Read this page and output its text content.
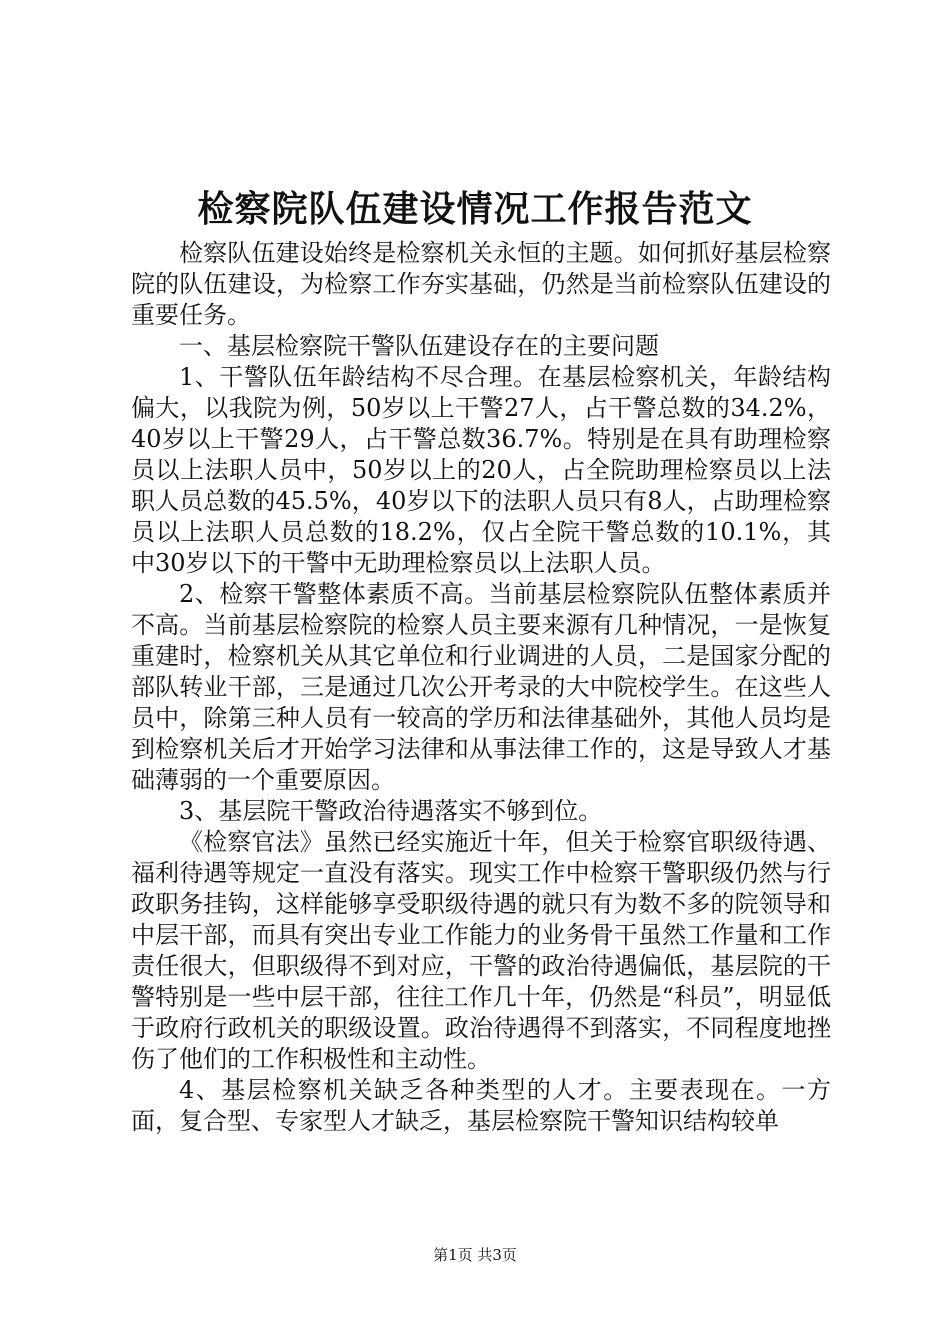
检察院队伍建设情况工作报告范文

检察队伍建设始终是检察机关永恒的主题。如何抓好基层检察院的队伍建设，为检察工作夯实基础，仍然是当前检察队伍建设的重要任务。

一、基层检察院干警队伍建设存在的主要问题

1、干警队伍年龄结构不尽合理。在基层检察机关，年龄结构偏大，以我院为例，50岁以上干警27人，占干警总数的34.2%，40岁以上干警29人，占干警总数36.7%。特别是在具有助理检察员以上法职人员中，50岁以上的20人，占全院助理检察员以上法职人员总数的45.5%，40岁以下的法职人员只有8人，占助理检察员以上法职人员总数的18.2%，仅占全院干警总数的10.1%，其中30岁以下的干警中无助理检察员以上法职人员。

2、检察干警整体素质不高。当前基层检察院队伍整体素质并不高。当前基层检察院的检察人员主要来源有几种情况，一是恢复重建时，检察机关从其它单位和行业调进的人员，二是国家分配的部队转业干部，三是通过几次公开考录的大中院校学生。在这些人员中，除第三种人员有一较高的学历和法律基础外，其他人员均是到检察机关后才开始学习法律和从事法律工作的，这是导致人才基础薄弱的一个重要原因。

3、基层院干警政治待遇落实不够到位。

《检察官法》虽然已经实施近十年，但关于检察官职级待遇、福利待遇等规定一直没有落实。现实工作中检察干警职级仍然与行政职务挂钩，这样能够享受职级待遇的就只有为数不多的院领导和中层干部，而具有突出专业工作能力的业务骨干虽然工作量和工作责任很大，但职级得不到对应，干警的政治待遇偏低，基层院的干警特别是一些中层干部，往往工作几十年，仍然是“科员”，明显低于政府行政机关的职级设置。政治待遇得不到落实，不同程度地挫伤了他们的工作积极性和主动性。

4、基层检察机关缺乏各种类型的人才。主要表现在。一方面，复合型、专家型人才缺乏，基层检察院干警知识结构较单

第1页 共3页
